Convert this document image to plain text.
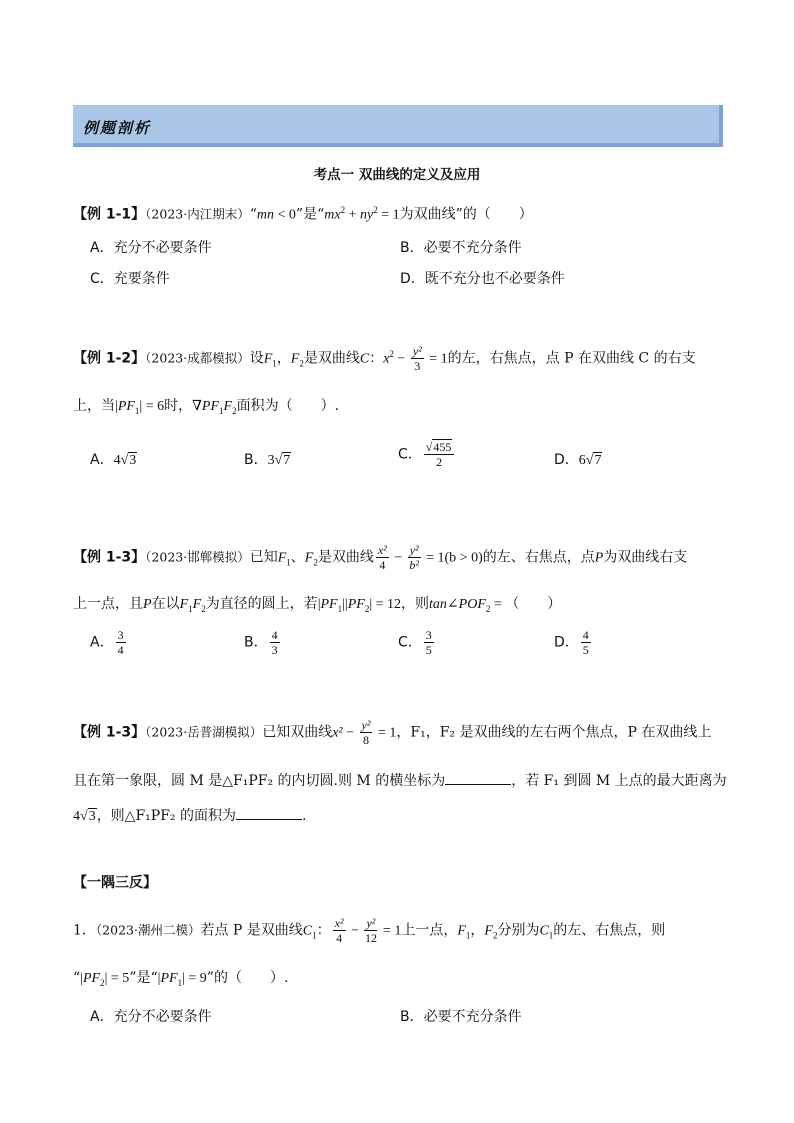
例题剖析
考点一 双曲线的定义及应用
【例 1-1】（2023·内江期末）“mn < 0”是“$mx^2 + ny^2 = 1$为双曲线”的（　　）
A．充分不必要条件	B．必要不充分条件
C．充要条件	D．既不充分也不必要条件
【例 1-2】（2023·成都模拟）设$F_1$，$F_2$是双曲线C：$x^2 - \frac{\text{y²}}{3} = 1$的左，右焦点，点 P 在双曲线 C 的右支
上，当$|PF_1| = 6$时，$\nabla PF_1F_2$面积为（　　）.
A．4√3	B．3√7	C． $\frac{√455}{2}$	D．6√7
【例 1-3】（2023·邯郸模拟）已知$F_1$、$F_2$是双曲线 $\frac{\text{x²}}{4} - \frac{\text{y²}}{\text{b²}} = 1(b > 0)$的左、右焦点，点P为双曲线右支
上一点，且P在以$F_1F_2$为直径的圆上，若$|PF_1||PF_2| = 12$，则$\tan\angle POF_2$ = （　　）
A． $\frac{3}{4}$	B． $\frac{4}{3}$	C． $\frac{3}{5}$	D． $\frac{4}{5}$
【例 1-3】（2023·岳普湖模拟）已知双曲线$x^2 - \frac{\text{y²}}{8} = 1$，F₁，F₂ 是双曲线的左右两个焦点，P 在双曲线上
且在第一象限，圆 M 是△F₁PF₂ 的内切圆.则 M 的横坐标为	，若 F₁ 到圆 M 上点的最大距离为
4√3，则△F₁PF₂ 的面积为	.
【一隅三反】
1．（2023·潮州二模）若点 P 是双曲线$C_1$： $\frac{\text{x²}}{4} - \frac{\text{y²}}{12} = 1$上一点，$F_1$，$F_2$分别为$C_1$的左、右焦点，则
“$|PF_2| = 5$”是“$|PF_1| = 9$”的（　　）.
A．充分不必要条件	B．必要不充分条件
